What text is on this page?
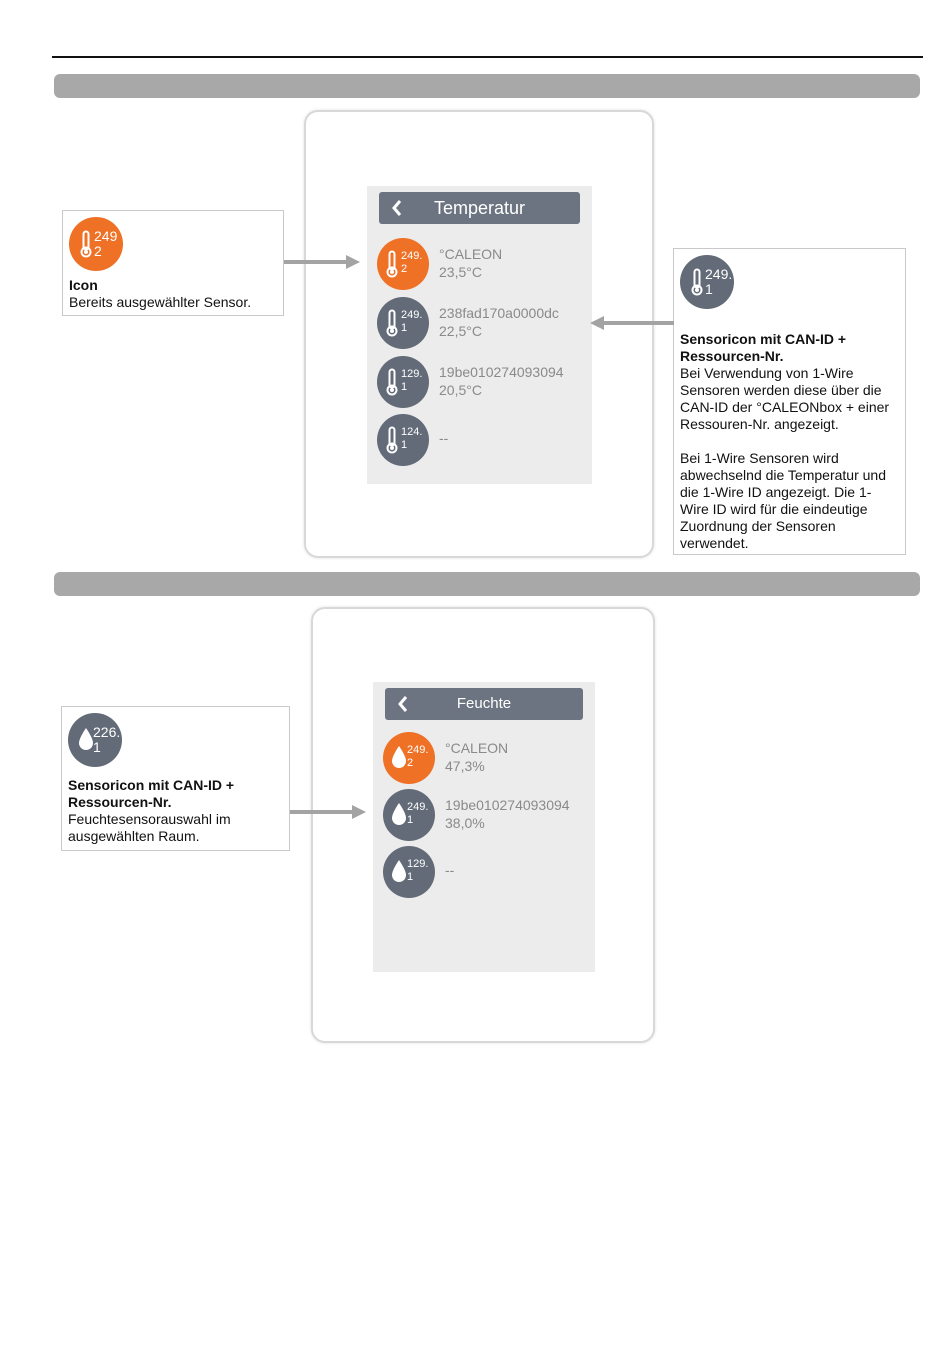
Temperatur
249.
2
°CALEON
23,5°C
249.
1
238fad170a0000dc
22,5°C
129.
1
19be010274093094
20,5°C
124.
1 --
249
2
Icon

Bereits ausgewählter Sensor.

249.
1
Sensoricon mit CAN-ID + Ressourcen-Nr.

Bei Verwendung von 1-Wire Sensoren werden diese über die CAN-ID der °CALEONbox + einer Ressouren-Nr. angezeigt.

Bei 1-Wire Sensoren wird abwechselnd die Temperatur und die 1-Wire ID angezeigt. Die 1-Wire ID wird für die eindeutige Zuordnung der Sensoren verwendet.

Feuchte
249.
2
°CALEON
47,3%
249.
1
19be010274093094
38,0%
129.
1 --
226.
1
Sensoricon mit CAN-ID + Ressourcen-Nr.

Feuchtesensorauswahl im ausgewählten Raum.
